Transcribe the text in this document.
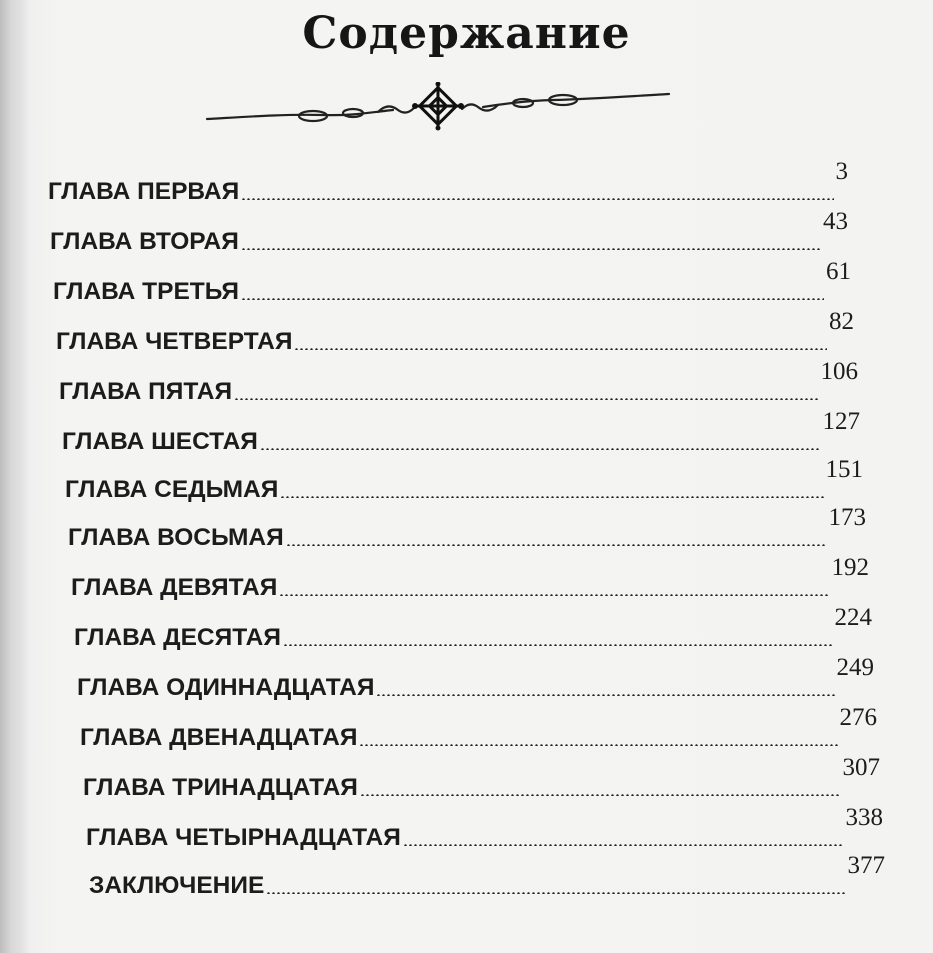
Содержание
ГЛАВА ПЕРВАЯ
3
ГЛАВА ВТОРАЯ
43
ГЛАВА ТРЕТЬЯ
61
ГЛАВА ЧЕТВЕРТАЯ
82
ГЛАВА ПЯТАЯ
106
ГЛАВА ШЕСТАЯ
127
ГЛАВА СЕДЬМАЯ
151
ГЛАВА ВОСЬМАЯ
173
ГЛАВА ДЕВЯТАЯ
192
ГЛАВА ДЕСЯТАЯ
224
ГЛАВА ОДИННАДЦАТАЯ
249
ГЛАВА ДВЕНАДЦАТАЯ
276
ГЛАВА ТРИНАДЦАТАЯ
307
ГЛАВА ЧЕТЫРНАДЦАТАЯ
338
ЗАКЛЮЧЕНИЕ
377
